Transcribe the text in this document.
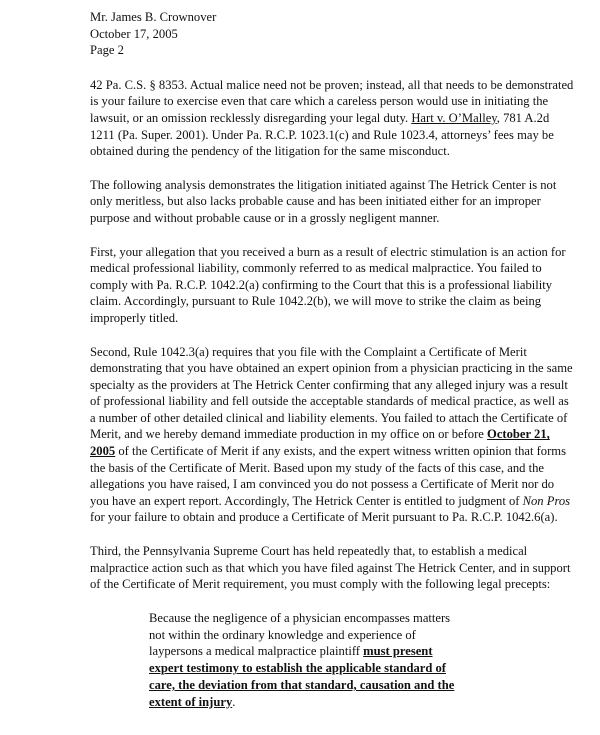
Mr. James B. Crownover
October 17, 2005
Page 2

42 Pa. C.S. § 8353. Actual malice need not be proven; instead, all that needs to be demonstrated is your failure to exercise even that care which a careless person would use in initiating the lawsuit, or an omission recklessly disregarding your legal duty. Hart v. O’Malley, 781 A.2d 1211 (Pa. Super. 2001). Under Pa. R.C.P. 1023.1(c) and Rule 1023.4, attorneys’ fees may be obtained during the pendency of the litigation for the same misconduct.

The following analysis demonstrates the litigation initiated against The Hetrick Center is not only meritless, but also lacks probable cause and has been initiated either for an improper purpose and without probable cause or in a grossly negligent manner.

First, your allegation that you received a burn as a result of electric stimulation is an action for medical professional liability, commonly referred to as medical malpractice. You failed to comply with Pa. R.C.P. 1042.2(a) confirming to the Court that this is a professional liability claim. Accordingly, pursuant to Rule 1042.2(b), we will move to strike the claim as being improperly titled.

Second, Rule 1042.3(a) requires that you file with the Complaint a Certificate of Merit demonstrating that you have obtained an expert opinion from a physician practicing in the same specialty as the providers at The Hetrick Center confirming that any alleged injury was a result of professional liability and fell outside the acceptable standards of medical practice, as well as a number of other detailed clinical and liability elements. You failed to attach the Certificate of Merit, and we hereby demand immediate production in my office on or before October 21, 2005 of the Certificate of Merit if any exists, and the expert witness written opinion that forms the basis of the Certificate of Merit. Based upon my study of the facts of this case, and the allegations you have raised, I am convinced you do not possess a Certificate of Merit nor do you have an expert report. Accordingly, The Hetrick Center is entitled to judgment of Non Pros for your failure to obtain and produce a Certificate of Merit pursuant to Pa. R.C.P. 1042.6(a).

Third, the Pennsylvania Supreme Court has held repeatedly that, to establish a medical malpractice action such as that which you have filed against The Hetrick Center, and in support of the Certificate of Merit requirement, you must comply with the following legal precepts:

Because the negligence of a physician encompasses matters not within the ordinary knowledge and experience of laypersons a medical malpractice plaintiff must present expert testimony to establish the applicable standard of care, the deviation from that standard, causation and the extent of injury.
